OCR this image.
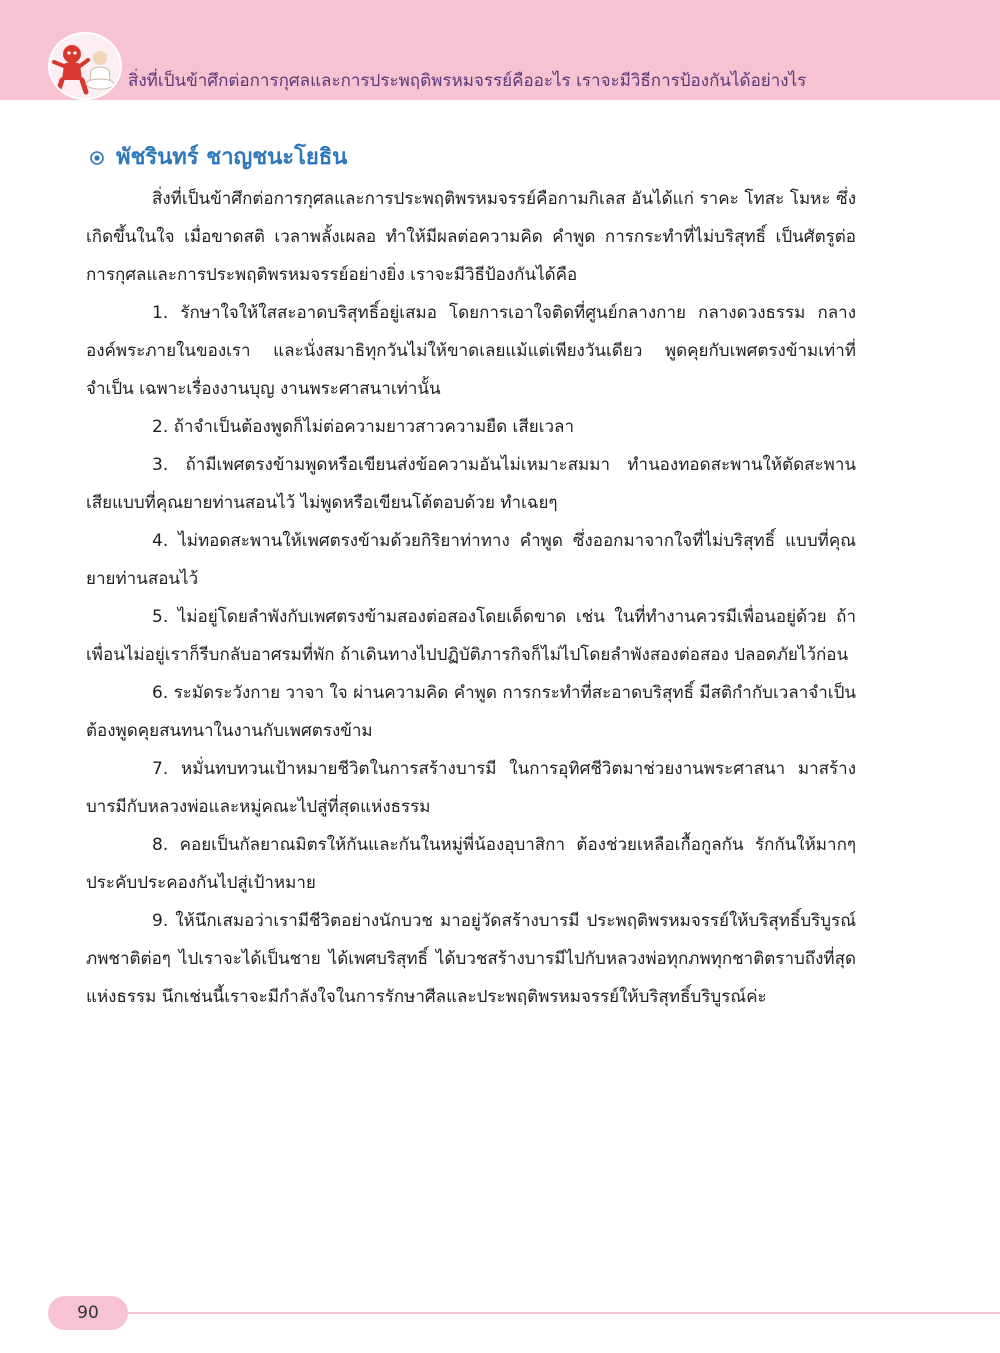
สิ่งที่เป็นข้าศึกต่อการกุศลและการประพฤติพรหมจรรย์คืออะไร เราจะมีวิธีการป้องกันได้อย่างไร
พัชรินทร์ ชาญชนะโยธิน

สิ่งที่เป็นข้าศึกต่อการกุศลและการประพฤติพรหมจรรย์คือกามกิเลส อันได้แก่ ราคะ โทสะ โมหะ ซึ่งเกิดขึ้นในใจ เมื่อขาดสติ เวลาพลั้งเผลอ ทำให้มีผลต่อความคิด คำพูด การกระทำที่ไม่บริสุทธิ์ เป็นศัตรูต่อการกุศลและการประพฤติพรหมจรรย์อย่างยิ่ง เราจะมีวิธีป้องกันได้คือ

1. รักษาใจให้ใสสะอาดบริสุทธิ์อยู่เสมอ โดยการเอาใจติดที่ศูนย์กลางกาย กลางดวงธรรม กลางองค์พระภายในของเรา และนั่งสมาธิทุกวันไม่ให้ขาดเลยแม้แต่เพียงวันเดียว พูดคุยกับเพศตรงข้ามเท่าที่จำเป็น เฉพาะเรื่องงานบุญ งานพระศาสนาเท่านั้น

2. ถ้าจำเป็นต้องพูดก็ไม่ต่อความยาวสาวความยืด เสียเวลา

3. ถ้ามีเพศตรงข้ามพูดหรือเขียนส่งข้อความอันไม่เหมาะสมมา ทำนองทอดสะพานให้ตัดสะพานเสียแบบที่คุณยายท่านสอนไว้ ไม่พูดหรือเขียนโต้ตอบด้วย ทำเฉยๆ

4. ไม่ทอดสะพานให้เพศตรงข้ามด้วยกิริยาท่าทาง คำพูด ซึ่งออกมาจากใจที่ไม่บริสุทธิ์ แบบที่คุณยายท่านสอนไว้

5. ไม่อยู่โดยลำพังกับเพศตรงข้ามสองต่อสองโดยเด็ดขาด เช่น ในที่ทำงานควรมีเพื่อนอยู่ด้วย ถ้าเพื่อนไม่อยู่เราก็รีบกลับอาศรมที่พัก ถ้าเดินทางไปปฏิบัติภารกิจก็ไม่ไปโดยลำพังสองต่อสอง ปลอดภัยไว้ก่อน

6. ระมัดระวังกาย วาจา ใจ ผ่านความคิด คำพูด การกระทำที่สะอาดบริสุทธิ์ มีสติกำกับเวลาจำเป็นต้องพูดคุยสนทนาในงานกับเพศตรงข้าม

7. หมั่นทบทวนเป้าหมายชีวิตในการสร้างบารมี ในการอุทิศชีวิตมาช่วยงานพระศาสนา มาสร้างบารมีกับหลวงพ่อและหมู่คณะไปสู่ที่สุดแห่งธรรม

8. คอยเป็นกัลยาณมิตรให้กันและกันในหมู่พี่น้องอุบาสิกา ต้องช่วยเหลือเกื้อกูลกัน รักกันให้มากๆ ประคับประคองกันไปสู่เป้าหมาย

9. ให้นึกเสมอว่าเรามีชีวิตอย่างนักบวช มาอยู่วัดสร้างบารมี ประพฤติพรหมจรรย์ให้บริสุทธิ์บริบูรณ์ ภพชาติต่อๆ ไปเราจะได้เป็นชาย ได้เพศบริสุทธิ์ ได้บวชสร้างบารมีไปกับหลวงพ่อทุกภพทุกชาติตราบถึงที่สุดแห่งธรรม นึกเช่นนี้เราจะมีกำลังใจในการรักษาศีลและประพฤติพรหมจรรย์ให้บริสุทธิ์บริบูรณ์ค่ะ

90
